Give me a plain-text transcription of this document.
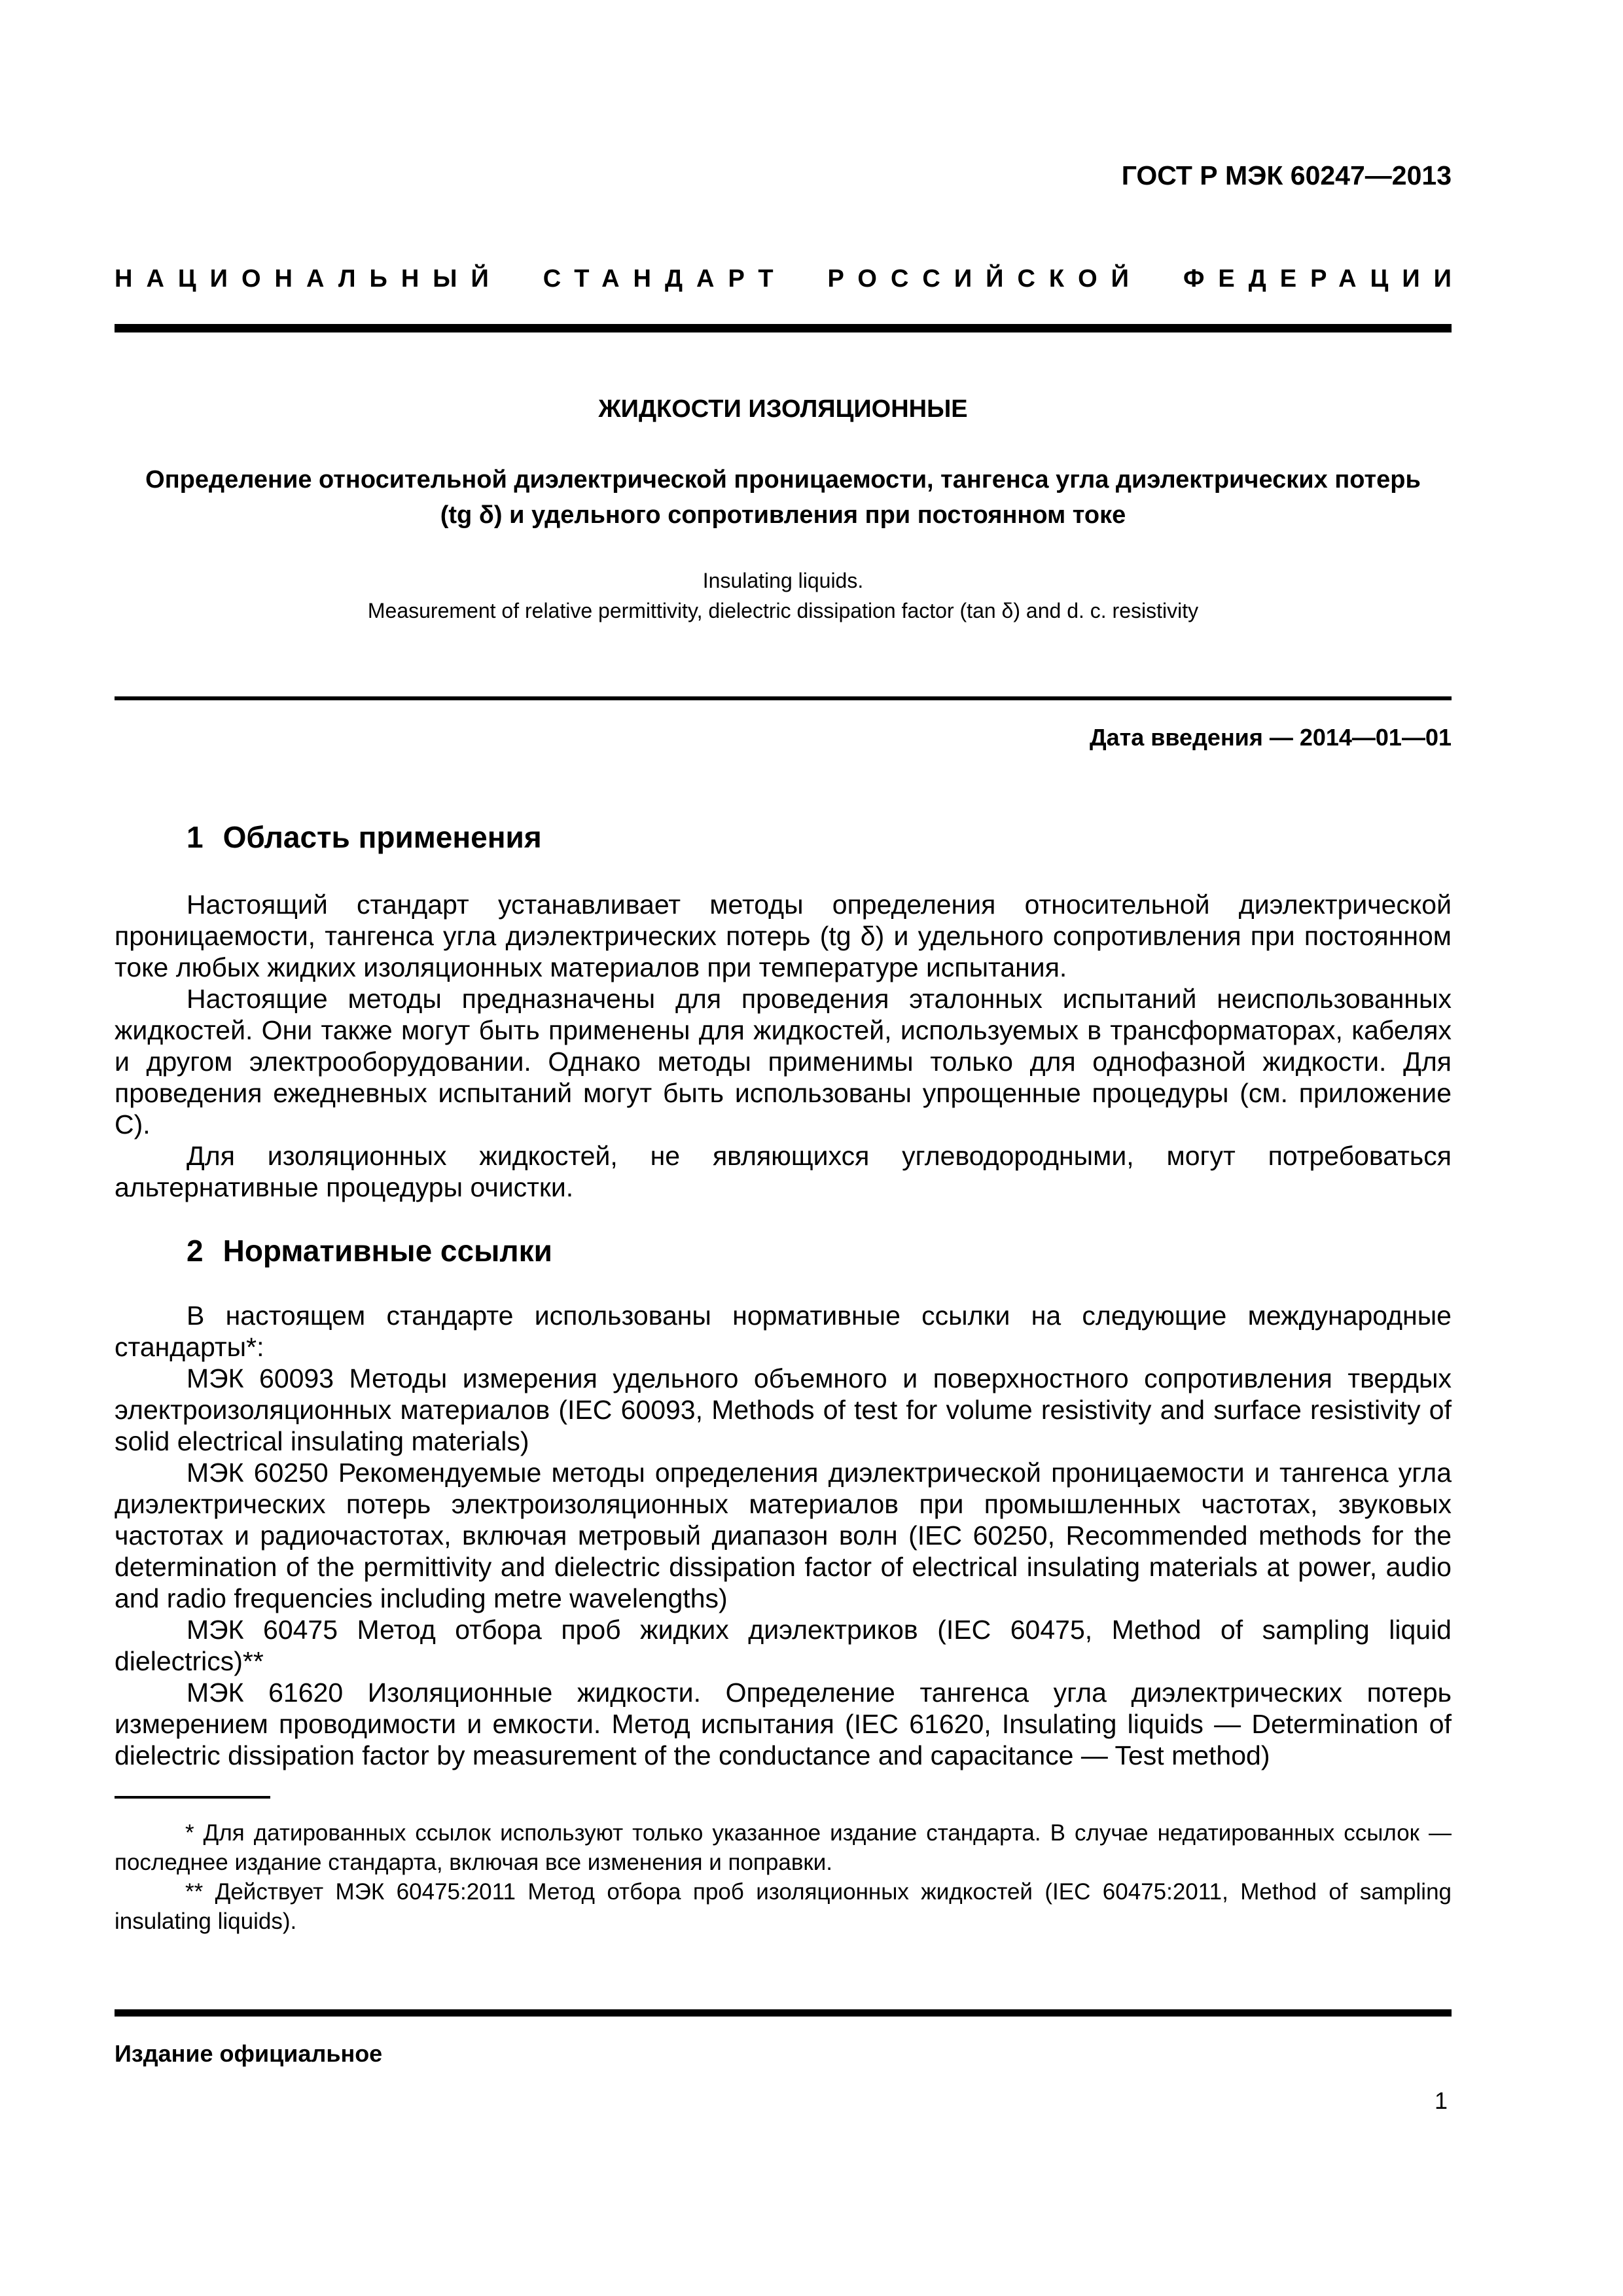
ГОСТ Р МЭК 60247—2013
НАЦИОНАЛЬНЫЙ СТАНДАРТ РОССИЙСКОЙ ФЕДЕРАЦИИ
ЖИДКОСТИ ИЗОЛЯЦИОННЫЕ
Определение относительной диэлектрической проницаемости, тангенса угла диэлектрических потерь (tg δ) и удельного сопротивления при постоянном токе
Insulating liquids.
Measurement of relative permittivity, dielectric dissipation factor (tan δ) and d. c. resistivity
Дата введения — 2014—01—01
1 Область применения

Настоящий стандарт устанавливает методы определения относительной диэлектрической проницаемости, тангенса угла диэлектрических потерь (tg δ) и удельного сопротивления при постоянном токе любых жидких изоляционных материалов при температуре испытания.

Настоящие методы предназначены для проведения эталонных испытаний неиспользованных жидкостей. Они также могут быть применены для жидкостей, используемых в трансформаторах, кабелях и другом электрооборудовании. Однако методы применимы только для однофазной жидкости. Для проведения ежедневных испытаний могут быть использованы упрощенные процедуры (см. приложение С).

Для изоляционных жидкостей, не являющихся углеводородными, могут потребоваться альтернативные процедуры очистки.

2 Нормативные ссылки

В настоящем стандарте использованы нормативные ссылки на следующие международные стандарты*:

МЭК 60093 Методы измерения удельного объемного и поверхностного сопротивления твердых электроизоляционных материалов (IEC 60093, Methods of test for volume resistivity and surface resistivity of solid electrical insulating materials)

МЭК 60250 Рекомендуемые методы определения диэлектрической проницаемости и тангенса угла диэлектрических потерь электроизоляционных материалов при промышленных частотах, звуковых частотах и радиочастотах, включая метровый диапазон волн (IEC 60250, Recommended methods for the determination of the permittivity and dielectric dissipation factor of electrical insulating materials at power, audio and radio frequencies including metre wavelengths)

МЭК 60475 Метод отбора проб жидких диэлектриков (IEC 60475, Method of sampling liquid dielectrics)**

МЭК 61620 Изоляционные жидкости. Определение тангенса угла диэлектрических потерь измерением проводимости и емкости. Метод испытания (IEC 61620, Insulating liquids — Determination of dielectric dissipation factor by measurement of the conductance and capacitance — Test method)

* Для датированных ссылок используют только указанное издание стандарта. В случае недатированных ссылок — последнее издание стандарта, включая все изменения и поправки.

** Действует МЭК 60475:2011 Метод отбора проб изоляционных жидкостей (IEC 60475:2011, Method of sampling insulating liquids).

Издание официальное
1
